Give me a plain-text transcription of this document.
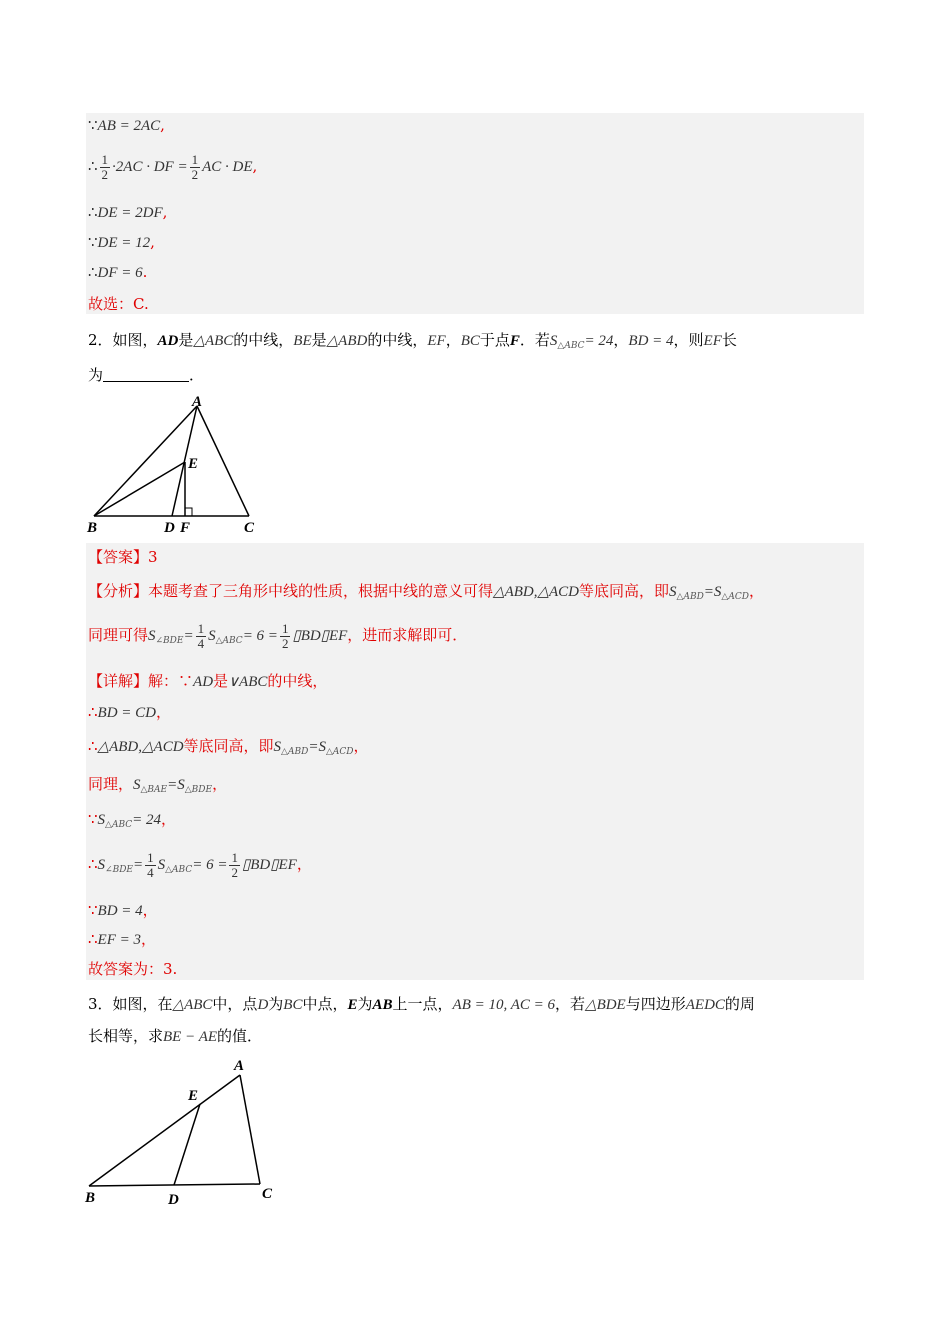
∵AB = 2AC,
∴ $\frac{1}{2} \cdot 2AC$ · DF = $\frac{1}{2}$ AC · DE,
∴DE = 2DF,
∵DE = 12,
∴DF = 6.
故选：C.
2．如图，AD是△ABC的中线，BE是△ABD的中线，EF，BC于点F．若$S_{\triangle ABC}= 24$，BD = 4，则EF长
为	．
A
B	C
D
E
F
【答案】3
【分析】本题考查了三角形中线的性质，根据中线的意义可得△ABD,△ACD等底同高，即$S_{\triangle ABD}=S_{\triangle ACD}$，
同理可得$S_{\angle BDE}= \frac{1}{4} S_{\triangle ABC}= 6 = \frac{1}{2}$ ▯BD▯EF，进而求解即可．
【详解】解：∵AD是∨ABC的中线，
∴BD = CD，
∴△ABD,△ACD等底同高，即$S_{\triangle ABD}=S_{\triangle ACD}$，
同理，$S_{\triangle BAE}=S_{\triangle BDE}$，
$\because S_{\triangle ABC}= 24$，
$\therefore S_{\angle BDE}= \frac{1}{4} S_{\triangle ABC}= 6 = \frac{1}{2}$ ▯BD▯EF，
∵BD = 4，
∴EF = 3，
故答案为：3.
3．如图，在△ABC中，点D为BC中点，E为AB上一点，AB = 10, AC = 6，若△BDE与四边形AEDC的周
长相等，求BE − AE的值．
A
B	C
D
E
